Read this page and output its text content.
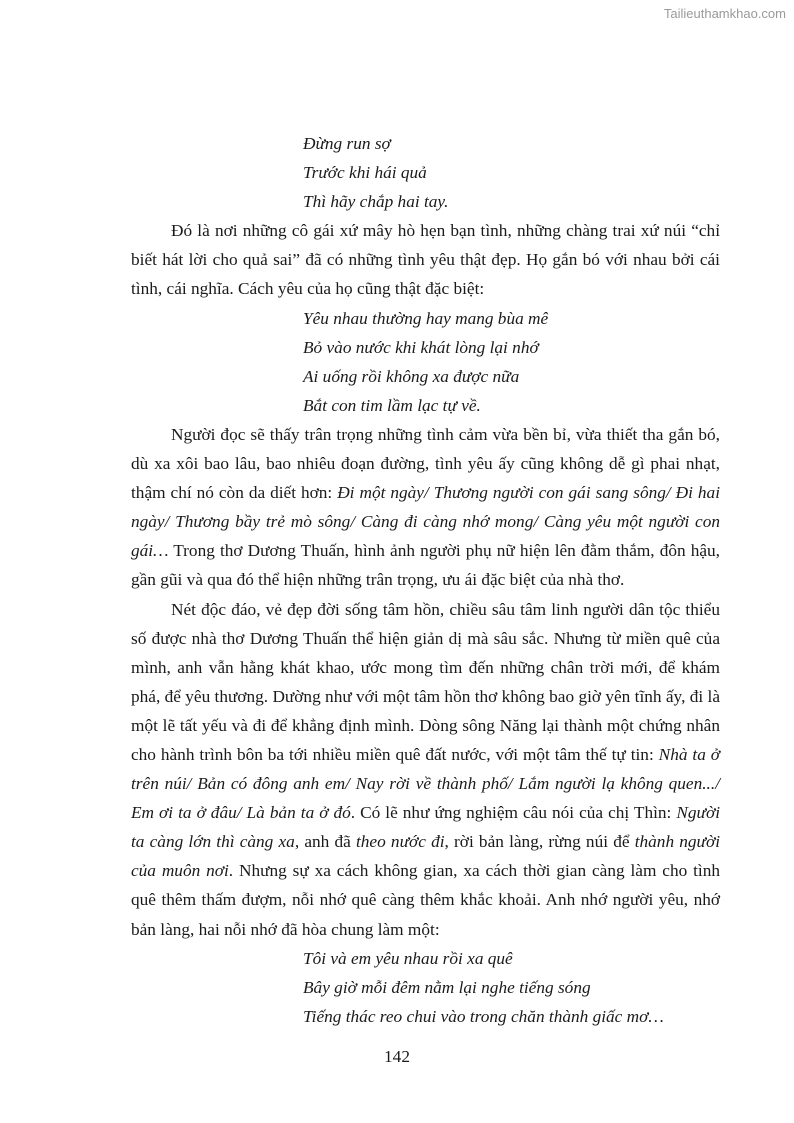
Tailieuthamkhao.com
Đừng run sợ
Trước khi hái quả
Thì hãy chắp hai tay.

Đó là nơi những cô gái xứ mây hò hẹn bạn tình, những chàng trai xứ núi “chỉ biết hát lời cho quả sai” đã có những tình yêu thật đẹp. Họ gắn bó với nhau bởi cái tình, cái nghĩa. Cách yêu của họ cũng thật đặc biệt:

Yêu nhau thường hay mang bùa mê
Bỏ vào nước khi khát lòng lại nhớ
Ai uống rồi không xa được nữa
Bắt con tim lầm lạc tự về.

Người đọc sẽ thấy trân trọng những tình cảm vừa bền bỉ, vừa thiết tha gắn bó, dù xa xôi bao lâu, bao nhiêu đoạn đường, tình yêu ấy cũng không dễ gì phai nhạt, thậm chí nó còn da diết hơn: Đi một ngày/ Thương người con gái sang sông/ Đi hai ngày/ Thương bầy trẻ mò sông/ Càng đi càng nhớ mong/ Càng yêu một người con gái… Trong thơ Dương Thuấn, hình ảnh người phụ nữ hiện lên đằm thắm, đôn hậu, gần gũi và qua đó thể hiện những trân trọng, ưu ái đặc biệt của nhà thơ.

Nét độc đáo, vẻ đẹp đời sống tâm hồn, chiều sâu tâm linh người dân tộc thiểu số được nhà thơ Dương Thuấn thể hiện giản dị mà sâu sắc. Nhưng từ miền quê của mình, anh vẫn hằng khát khao, ước mong tìm đến những chân trời mới, để khám phá, để yêu thương. Dường như với một tâm hồn thơ không bao giờ yên tĩnh ấy, đi là một lẽ tất yếu và đi để khẳng định mình. Dòng sông Năng lại thành một chứng nhân cho hành trình bôn ba tới nhiều miền quê đất nước, với một tâm thế tự tin: Nhà ta ở trên núi/ Bản có đông anh em/ Nay rời về thành phố/ Lắm người lạ không quen.../ Em ơi ta ở đâu/ Là bản ta ở đó. Có lẽ như ứng nghiệm câu nói của chị Thìn: Người ta càng lớn thì càng xa, anh đã theo nước đi, rời bản làng, rừng núi để thành người của muôn nơi. Nhưng sự xa cách không gian, xa cách thời gian càng làm cho tình quê thêm thấm đượm, nỗi nhớ quê càng thêm khắc khoải. Anh nhớ người yêu, nhớ bản làng, hai nỗi nhớ đã hòa chung làm một:

Tôi và em yêu nhau rồi xa quê
Bây giờ mỗi đêm nằm lại nghe tiếng sóng
Tiếng thác reo chui vào trong chăn thành giấc mơ…
142
